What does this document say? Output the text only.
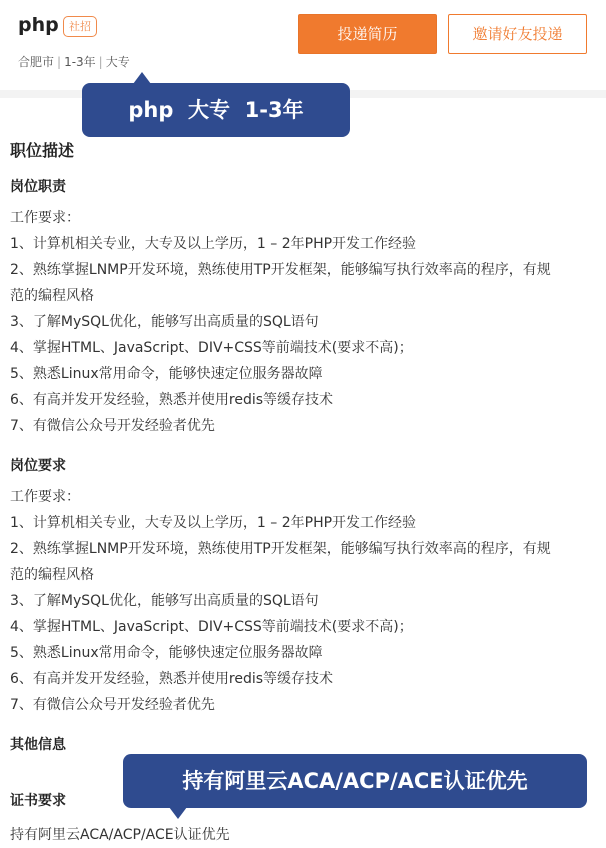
php 社招
合肥市 | 1-3年 | 大专
投递简历	邀请好友投递
职位描述
岗位职责
工作要求：
1、计算机相关专业，大专及以上学历，1 – 2年PHP开发工作经验
2、熟练掌握LNMP开发环境，熟练使用TP开发框架，能够编写执行效率高的程序，有规
范的编程风格
3、了解MySQL优化，能够写出高质量的SQL语句
4、掌握HTML、JavaScript、DIV+CSS等前端技术(要求不高)；
5、熟悉Linux常用命令，能够快速定位服务器故障
6、有高并发开发经验，熟悉并使用redis等缓存技术
7、有微信公众号开发经验者优先
岗位要求
工作要求：
1、计算机相关专业，大专及以上学历，1 – 2年PHP开发工作经验
2、熟练掌握LNMP开发环境，熟练使用TP开发框架，能够编写执行效率高的程序，有规
范的编程风格
3、了解MySQL优化，能够写出高质量的SQL语句
4、掌握HTML、JavaScript、DIV+CSS等前端技术(要求不高)；
5、熟悉Linux常用命令，能够快速定位服务器故障
6、有高并发开发经验，熟悉并使用redis等缓存技术
7、有微信公众号开发经验者优先
其他信息
证书要求
持有阿里云ACA/ACP/ACE认证优先
php  大专  1-3年
持有阿里云ACA/ACP/ACE认证优先
